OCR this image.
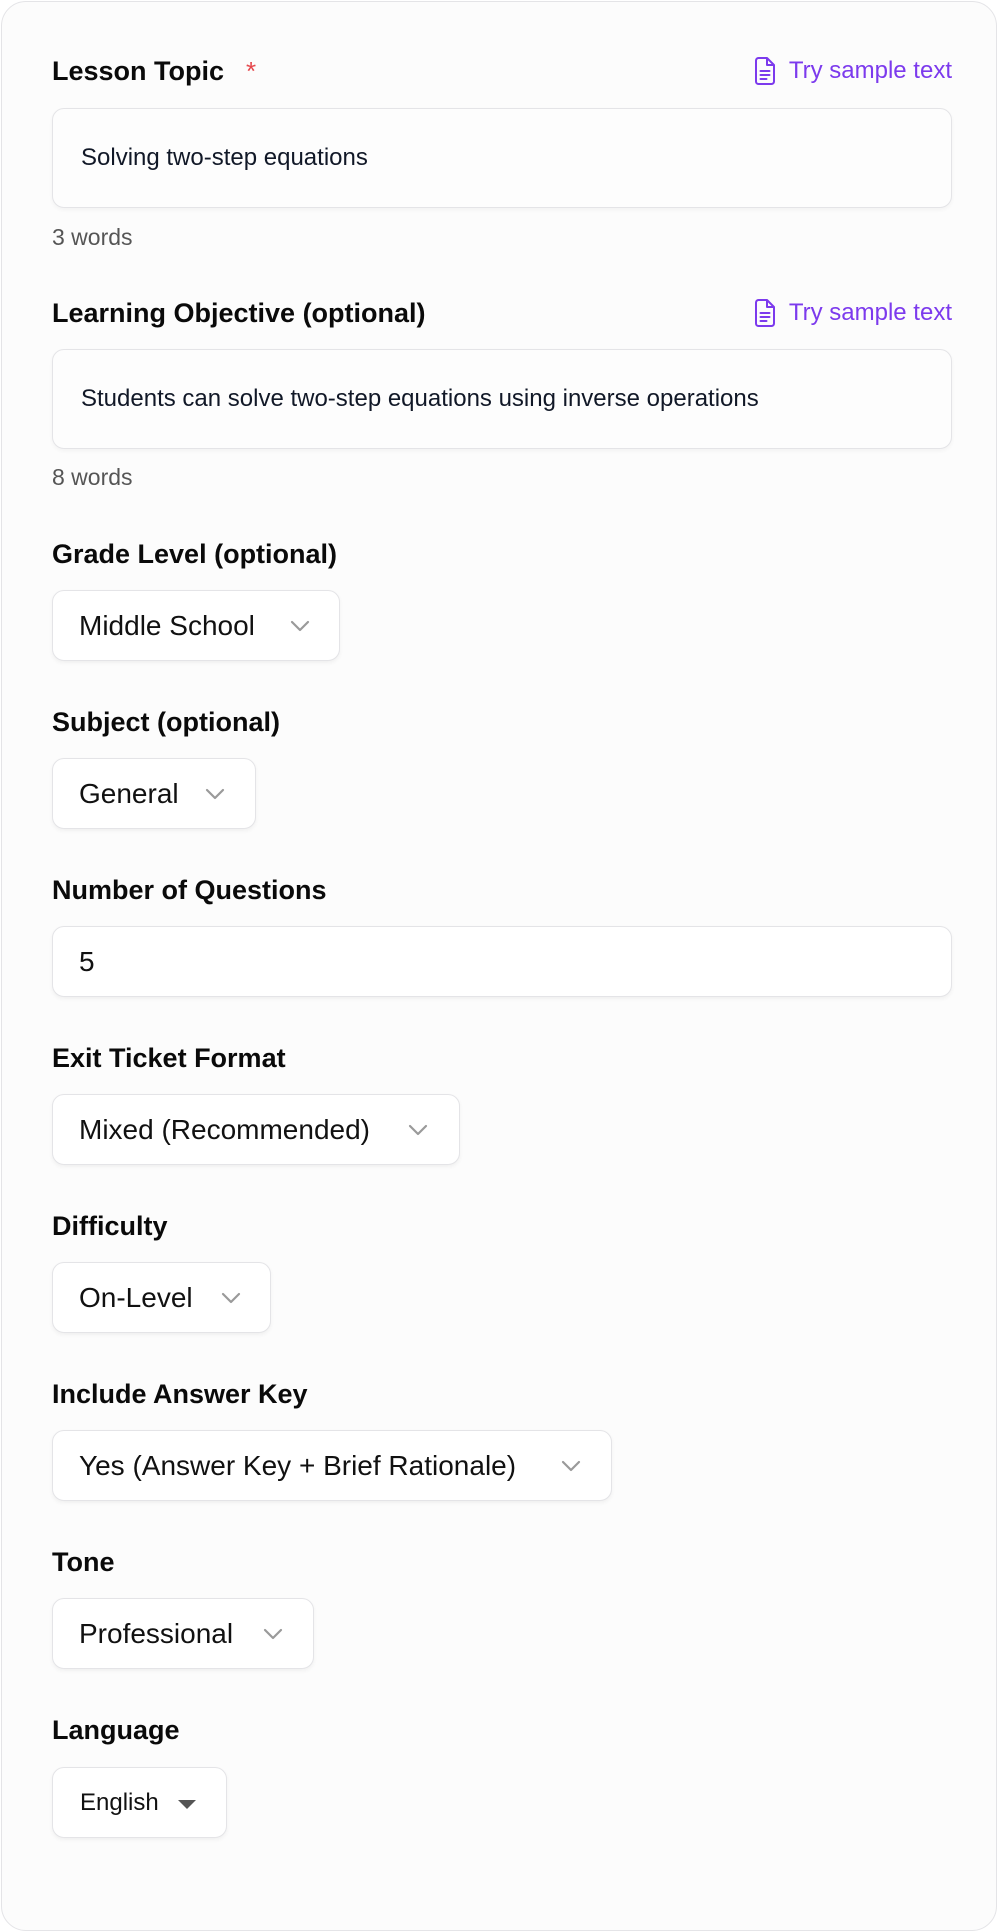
Lesson Topic *	Try sample text
Solving two-step equations
3 words
Learning Objective (optional)	Try sample text
Students can solve two-step equations using inverse operations
8 words
Grade Level (optional)
Middle School
Subject (optional)
General
Number of Questions
5
Exit Ticket Format
Mixed (Recommended)
Difficulty
On-Level
Include Answer Key
Yes (Answer Key + Brief Rationale)
Tone
Professional
Language
English
